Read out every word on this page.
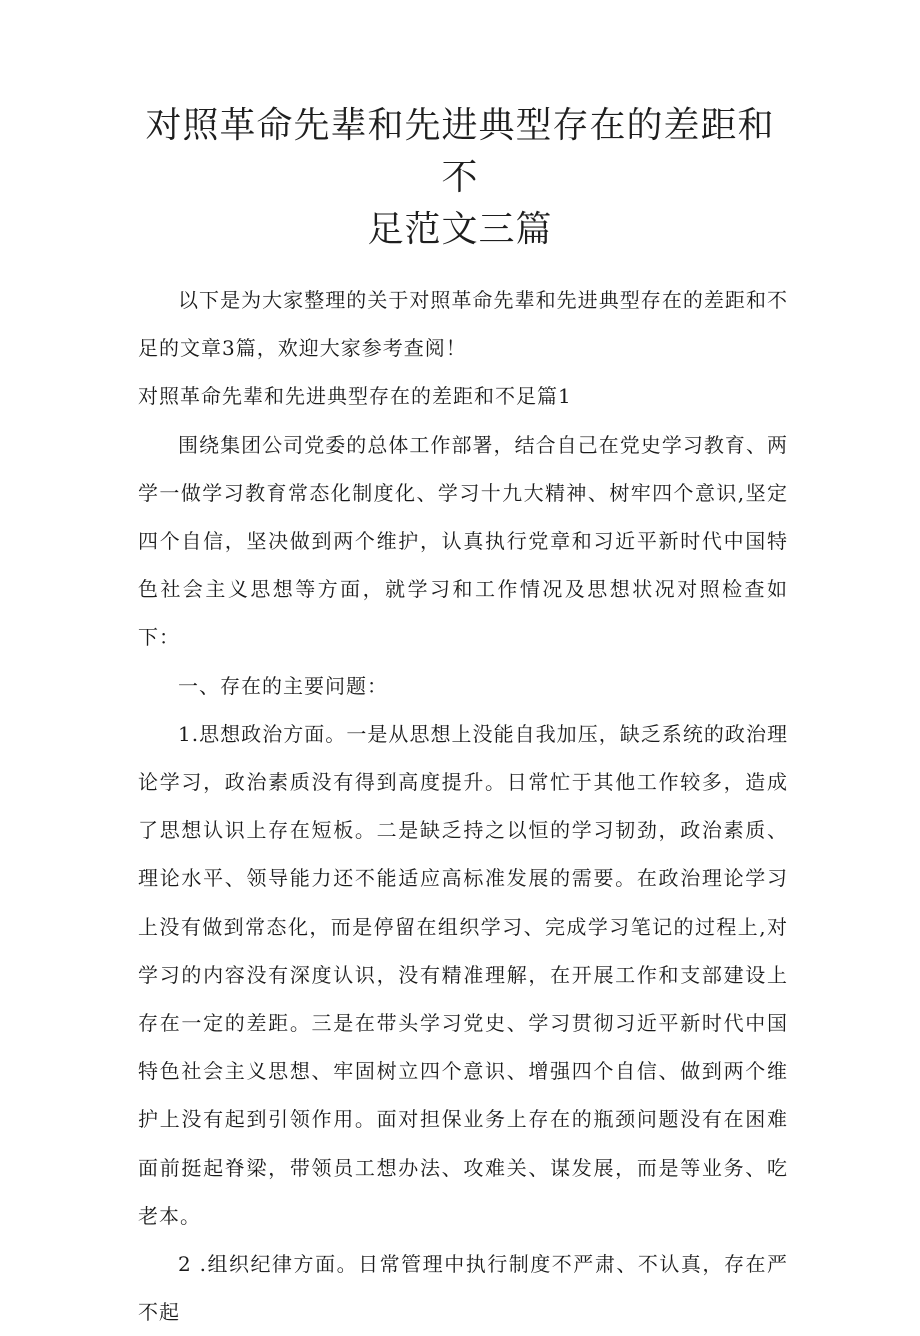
对照革命先辈和先进典型存在的差距和不
足范文三篇

以下是为大家整理的关于对照革命先辈和先进典型存在的差距和不足的文章3篇，欢迎大家参考查阅！

对照革命先辈和先进典型存在的差距和不足篇1

围绕集团公司党委的总体工作部署，结合自己在党史学习教育、两学一做学习教育常态化制度化、学习十九大精神、树牢四个意识,坚定四个自信，坚决做到两个维护，认真执行党章和习近平新时代中国特色社会主义思想等方面，就学习和工作情况及思想状况对照检查如下：

一、存在的主要问题：

1.思想政治方面。一是从思想上没能自我加压，缺乏系统的政治理论学习，政治素质没有得到高度提升。日常忙于其他工作较多，造成了思想认识上存在短板。二是缺乏持之以恒的学习韧劲，政治素质、理论水平、领导能力还不能适应高标准发展的需要。在政治理论学习上没有做到常态化，而是停留在组织学习、完成学习笔记的过程上,对学习的内容没有深度认识，没有精准理解，在开展工作和支部建设上存在一定的差距。三是在带头学习党史、学习贯彻习近平新时代中国特色社会主义思想、牢固树立四个意识、增强四个自信、做到两个维护上没有起到引领作用。面对担保业务上存在的瓶颈问题没有在困难面前挺起脊梁，带领员工想办法、攻难关、谋发展，而是等业务、吃老本。

2 .组织纪律方面。日常管理中执行制度不严肃、不认真，存在严不起
